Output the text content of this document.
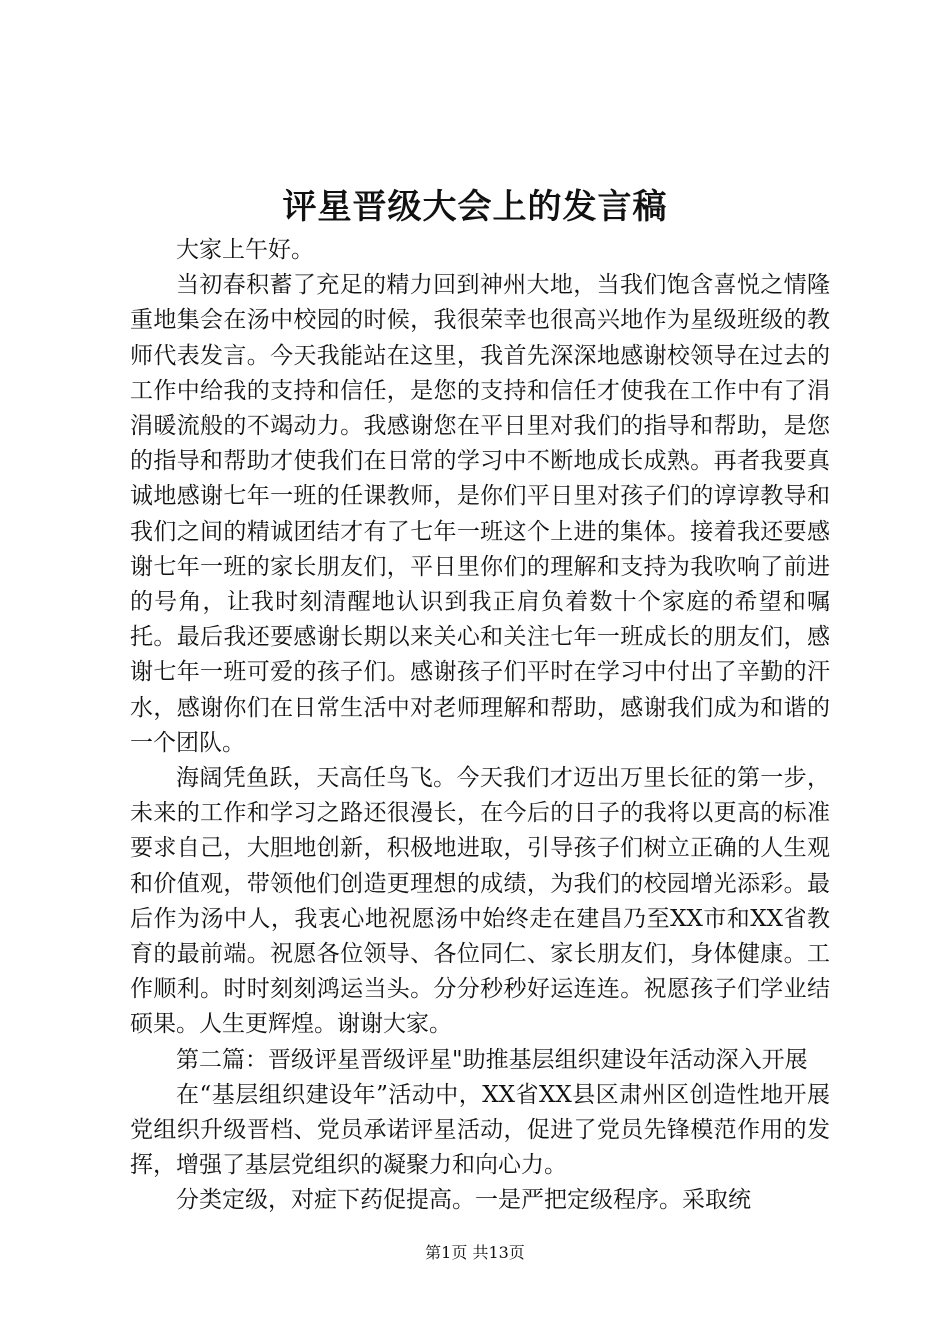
评星晋级大会上的发言稿

大家上午好。

当初春积蓄了充足的精力回到神州大地，当我们饱含喜悦之情隆重地集会在汤中校园的时候，我很荣幸也很高兴地作为星级班级的教师代表发言。今天我能站在这里，我首先深深地感谢校领导在过去的工作中给我的支持和信任，是您的支持和信任才使我在工作中有了涓涓暖流般的不竭动力。我感谢您在平日里对我们的指导和帮助，是您的指导和帮助才使我们在日常的学习中不断地成长成熟。再者我要真诚地感谢七年一班的任课教师，是你们平日里对孩子们的谆谆教导和我们之间的精诚团结才有了七年一班这个上进的集体。接着我还要感谢七年一班的家长朋友们，平日里你们的理解和支持为我吹响了前进的号角，让我时刻清醒地认识到我正肩负着数十个家庭的希望和嘱托。最后我还要感谢长期以来关心和关注七年一班成长的朋友们，感谢七年一班可爱的孩子们。感谢孩子们平时在学习中付出了辛勤的汗水，感谢你们在日常生活中对老师理解和帮助，感谢我们成为和谐的一个团队。

海阔凭鱼跃，天高任鸟飞。今天我们才迈出万里长征的第一步，未来的工作和学习之路还很漫长，在今后的日子的我将以更高的标准要求自己，大胆地创新，积极地进取，引导孩子们树立正确的人生观和价值观，带领他们创造更理想的成绩，为我们的校园增光添彩。最后作为汤中人，我衷心地祝愿汤中始终走在建昌乃至XX市和XX省教育的最前端。祝愿各位领导、各位同仁、家长朋友们，身体健康。工作顺利。时时刻刻鸿运当头。分分秒秒好运连连。祝愿孩子们学业结硕果。人生更辉煌。谢谢大家。

第二篇：晋级评星晋级评星"助推基层组织建设年活动深入开展

在“基层组织建设年”活动中，XX省XX县区肃州区创造性地开展党组织升级晋档、党员承诺评星活动，促进了党员先锋模范作用的发挥，增强了基层党组织的凝聚力和向心力。

分类定级，对症下药促提高。一是严把定级程序。采取统

第1页 共13页
